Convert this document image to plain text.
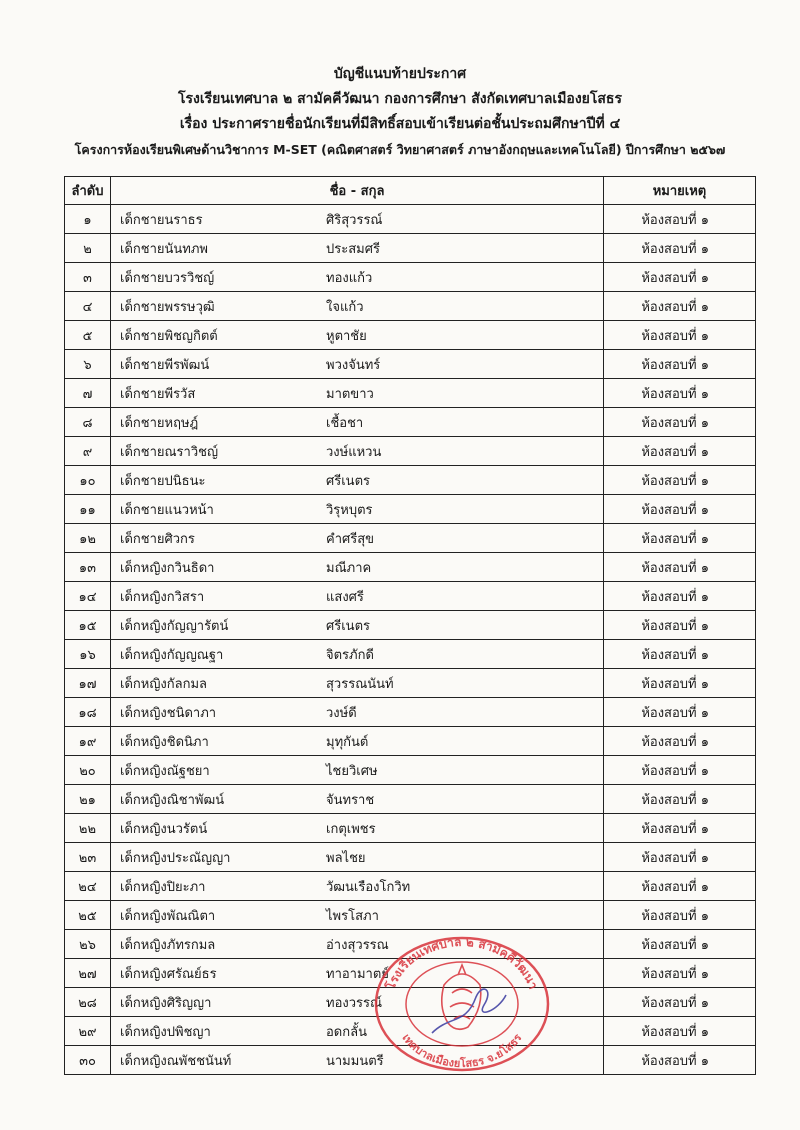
บัญชีแนบท้ายประกาศ
โรงเรียนเทศบาล ๒ สามัคคีวัฒนา กองการศึกษา สังกัดเทศบาลเมืองยโสธร
เรื่อง ประกาศรายชื่อนักเรียนที่มีสิทธิ์สอบเข้าเรียนต่อชั้นประถมศึกษาปีที่ ๔
โครงการห้องเรียนพิเศษด้านวิชาการ M-SET (คณิตศาสตร์ วิทยาศาสตร์ ภาษาอังกฤษและเทคโนโลยี) ปีการศึกษา ๒๕๖๗
ลำดับ	ชื่อ - สกุล	หมายเหตุ
๑	เด็กชายนราธร ศิริสุวรรณ์	ห้องสอบที่ ๑
๒	เด็กชายนันทภพ ประสมศรี	ห้องสอบที่ ๑
๓	เด็กชายบวรวิชญ์ ทองแก้ว	ห้องสอบที่ ๑
๔	เด็กชายพรรษวุฒิ ใจแก้ว	ห้องสอบที่ ๑
๕	เด็กชายพิชญกิตต์ หูตาชัย	ห้องสอบที่ ๑
๖	เด็กชายพีรพัฒน์ พวงจันทร์	ห้องสอบที่ ๑
๗	เด็กชายพีรวัส มาตขาว	ห้องสอบที่ ๑
๘	เด็กชายหฤษฎ์ เชื้อชา	ห้องสอบที่ ๑
๙	เด็กชายณราวิชญ์ วงษ์แหวน	ห้องสอบที่ ๑
๑๐	เด็กชายปนิธนะ ศรีเนตร	ห้องสอบที่ ๑
๑๑	เด็กชายแนวหน้า วิรุหบุตร	ห้องสอบที่ ๑
๑๒	เด็กชายศิวกร คำศรีสุข	ห้องสอบที่ ๑
๑๓	เด็กหญิงกวินธิดา มณีภาค	ห้องสอบที่ ๑
๑๔	เด็กหญิงกวิสรา แสงศรี	ห้องสอบที่ ๑
๑๕	เด็กหญิงกัญญารัตน์ ศรีเนตร	ห้องสอบที่ ๑
๑๖	เด็กหญิงกัญญณฐา จิตรภักดี	ห้องสอบที่ ๑
๑๗	เด็กหญิงกัลกมล สุวรรณนันท์	ห้องสอบที่ ๑
๑๘	เด็กหญิงชนิดาภา วงษ์ดี	ห้องสอบที่ ๑
๑๙	เด็กหญิงชิดนิภา มุทุกันต์	ห้องสอบที่ ๑
๒๐	เด็กหญิงณัฐชยา ไชยวิเศษ	ห้องสอบที่ ๑
๒๑	เด็กหญิงณิชาพัฒน์ จันทราช	ห้องสอบที่ ๑
๒๒	เด็กหญิงนวรัตน์ เกตุเพชร	ห้องสอบที่ ๑
๒๓	เด็กหญิงประณัญญา พลไชย	ห้องสอบที่ ๑
๒๔	เด็กหญิงปิยะภา วัฒนเรืองโกวิท	ห้องสอบที่ ๑
๒๕	เด็กหญิงพัณณิตา ไพรโสภา	ห้องสอบที่ ๑
๒๖	เด็กหญิงภัทรกมล อ่างสุวรรณ	ห้องสอบที่ ๑
๒๗	เด็กหญิงศรัณย์ธร ทาอามาตย์	ห้องสอบที่ ๑
๒๘	เด็กหญิงศิริญญา ทองวรรณ์	ห้องสอบที่ ๑
๒๙	เด็กหญิงปพิชญา อดกลั้น	ห้องสอบที่ ๑
๓๐	เด็กหญิงณพัชชนันท์ นามมนตรี	ห้องสอบที่ ๑
โรงเรียนเทศบาล ๒ สามัคคีวัฒนา
เทศบาลเมืองยโสธร จ.ยโสธร
